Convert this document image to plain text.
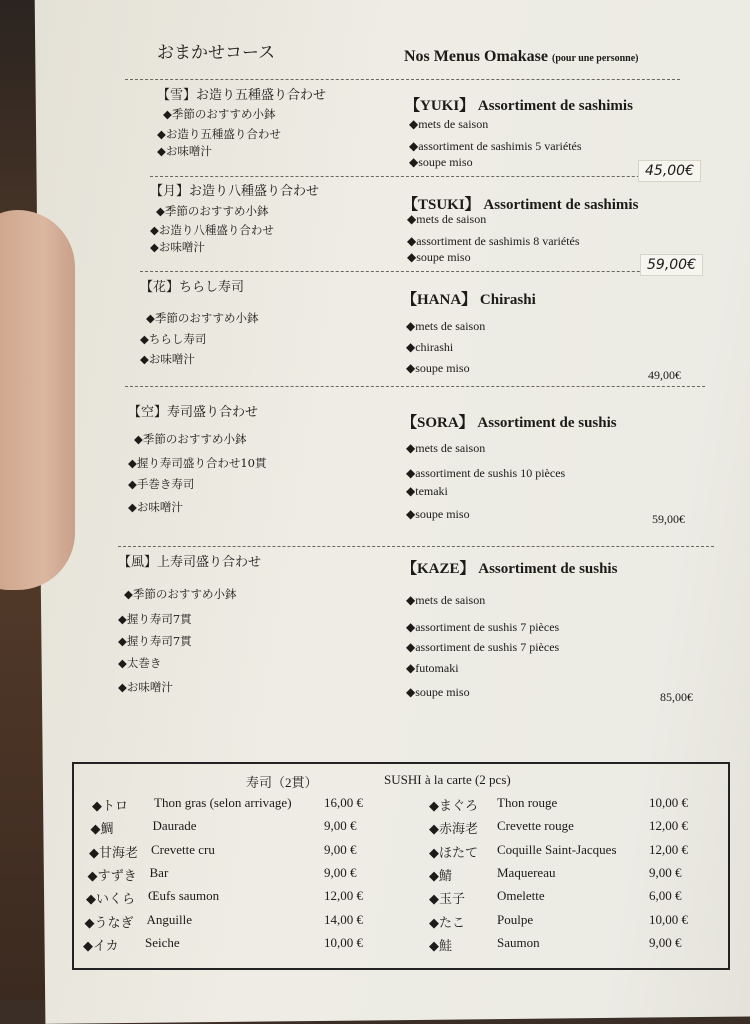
おまかせコース	Nos Menus Omakase (pour une personne)
寿司（2貫）	SUSHI à la carte (2 pcs)
◆トロ Thon gras (selon arrivage) 16,00 €
◆鯛	Daurade	9,00 €
◆甘海老 Crevette cru	9,00 €
◆すずき Bar	9,00 €
◆いくら Œufs saumon	12,00 €
◆うなぎ Anguille	14,00 €
◆イカ Seiche	10,00 €
◆まぐろ Thon rouge	10,00 €
◆赤海老 Crevette rouge	12,00 €
◆ほたて Coquille Saint-Jacques 12,00 €
◆鯖	Maquereau	9,00 €
◆玉子 Omelette	6,00 €
◆たこ Poulpe	10,00 €
◆鮭	Saumon	9,00 €
【雪】お造り五種盛り合わせ
【YUKI】 Assortiment de sashimis
◆季節のおすすめ小鉢
◆お造り五種盛り合わせ
◆お味噌汁
◆mets de saison
◆assortiment de sashimis 5 variétés
◆soupe miso
45,00€
【月】お造り八種盛り合わせ
【TSUKI】 Assortiment de sashimis
◆季節のおすすめ小鉢
◆お造り八種盛り合わせ
◆お味噌汁
◆mets de saison
◆assortiment de sashimis 8 variétés
◆soupe miso	59,00€
【花】ちらし寿司
【HANA】 Chirashi
◆季節のおすすめ小鉢
◆ちらし寿司
◆お味噌汁
◆mets de saison
◆chirashi
◆soupe miso	49,00€
【空】寿司盛り合わせ
【SORA】 Assortiment de sushis
◆季節のおすすめ小鉢
◆握り寿司盛り合わせ10貫
◆手巻き寿司
◆お味噌汁
◆mets de saison
◆assortiment de sushis 10 pièces
◆temaki
◆soupe miso	59,00€
【風】上寿司盛り合わせ	【KAZE】 Assortiment de sushis
◆季節のおすすめ小鉢
◆握り寿司7貫
◆握り寿司7貫
◆太巻き
◆お味噌汁
◆mets de saison
◆assortiment de sushis 7 pièces
◆assortiment de sushis 7 pièces
◆futomaki
◆soupe miso	85,00€
